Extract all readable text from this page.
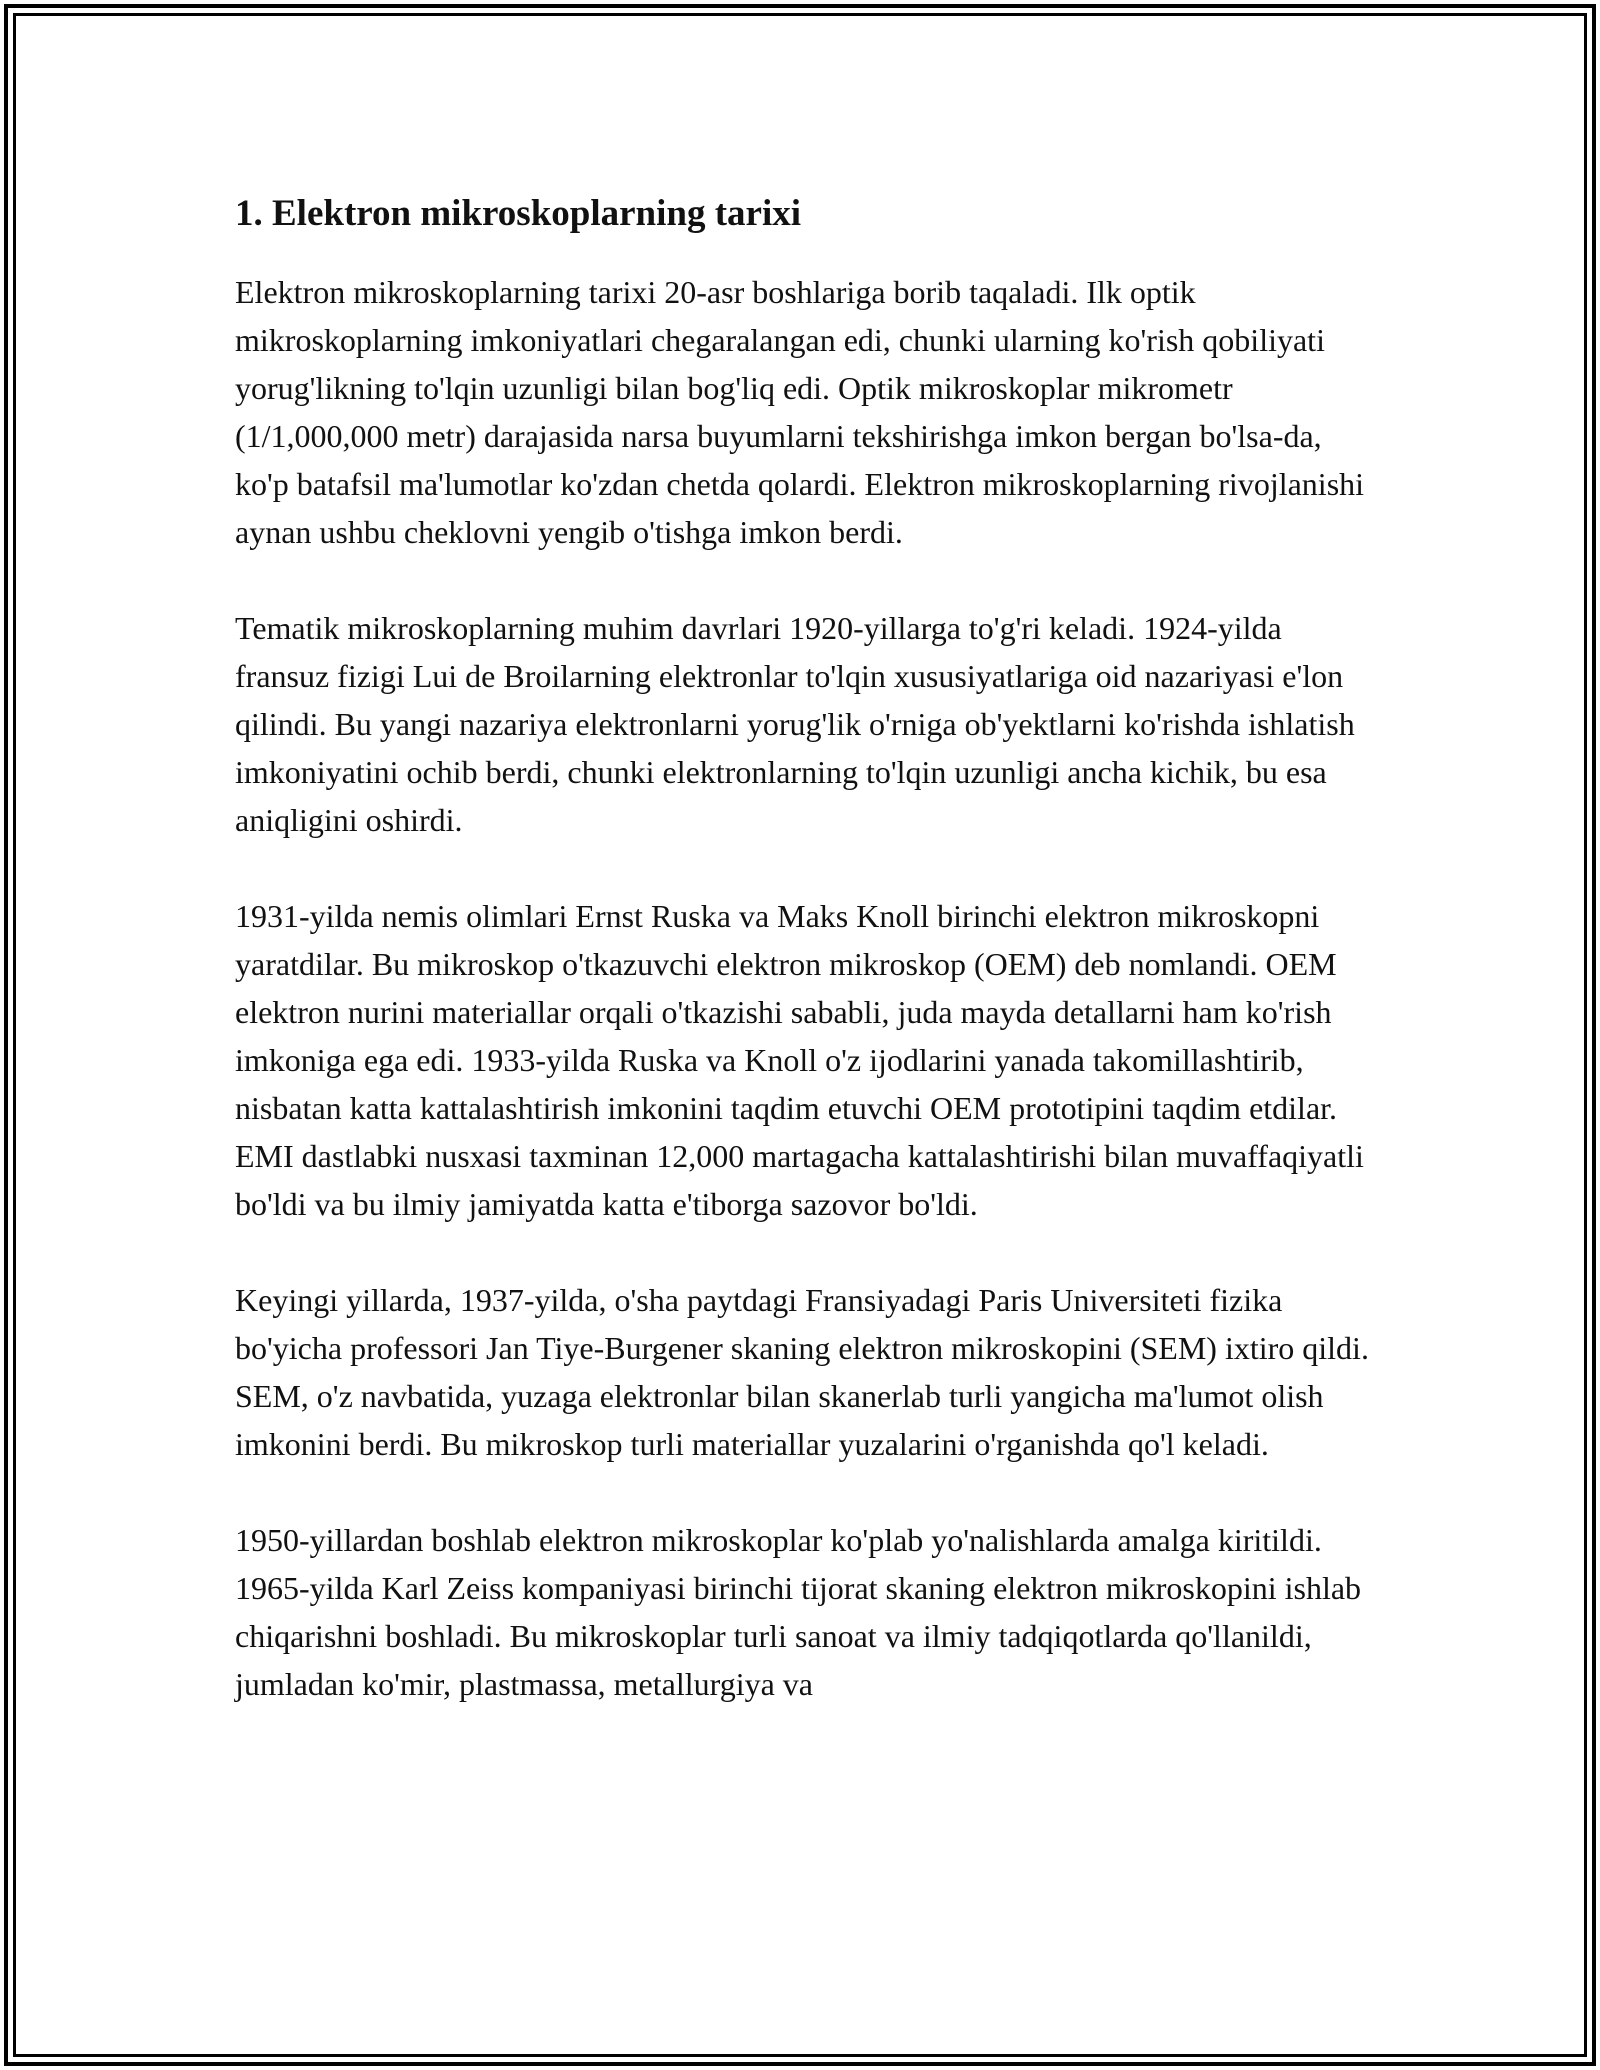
1. Elektron mikroskoplarning tarixi

Elektron mikroskoplarning tarixi 20-asr boshlariga borib taqaladi. Ilk optik mikroskoplarning imkoniyatlari chegaralangan edi, chunki ularning ko'rish qobiliyati yorug'likning to'lqin uzunligi bilan bog'liq edi. Optik mikroskoplar mikrometr (1/1,000,000 metr) darajasida narsa buyumlarni tekshirishga imkon bergan bo'lsa-da, ko'p batafsil ma'lumotlar ko'zdan chetda qolardi. Elektron mikroskoplarning rivojlanishi aynan ushbu cheklovni yengib o'tishga imkon berdi.

Tematik mikroskoplarning muhim davrlari 1920-yillarga to'g'ri keladi. 1924-yilda fransuz fizigi Lui de Broilarning elektronlar to'lqin xususiyatlariga oid nazariyasi e'lon qilindi. Bu yangi nazariya elektronlarni yorug'lik o'rniga ob'yektlarni ko'rishda ishlatish imkoniyatini ochib berdi, chunki elektronlarning to'lqin uzunligi ancha kichik, bu esa aniqligini oshirdi.

1931-yilda nemis olimlari Ernst Ruska va Maks Knoll birinchi elektron mikroskopni yaratdilar. Bu mikroskop o'tkazuvchi elektron mikroskop (OEM) deb nomlandi. OEM elektron nurini materiallar orqali o'tkazishi sababli, juda mayda detallarni ham ko'rish imkoniga ega edi. 1933-yilda Ruska va Knoll o'z ijodlarini yanada takomillashtirib, nisbatan katta kattalashtirish imkonini taqdim etuvchi OEM prototipini taqdim etdilar. EMI dastlabki nusxasi taxminan 12,000 martagacha kattalashtirishi bilan muvaffaqiyatli bo'ldi va bu ilmiy jamiyatda katta e'tiborga sazovor bo'ldi.

Keyingi yillarda, 1937-yilda, o'sha paytdagi Fransiyadagi Paris Universiteti fizika bo'yicha professori Jan Tiye-Burgener skaning elektron mikroskopini (SEM) ixtiro qildi. SEM, o'z navbatida, yuzaga elektronlar bilan skanerlab turli yangicha ma'lumot olish imkonini berdi. Bu mikroskop turli materiallar yuzalarini o'rganishda qo'l keladi.

1950-yillardan boshlab elektron mikroskoplar ko'plab yo'nalishlarda amalga kiritildi. 1965-yilda Karl Zeiss kompaniyasi birinchi tijorat skaning elektron mikroskopini ishlab chiqarishni boshladi. Bu mikroskoplar turli sanoat va ilmiy tadqiqotlarda qo'llanildi, jumladan ko'mir, plastmassa, metallurgiya va
